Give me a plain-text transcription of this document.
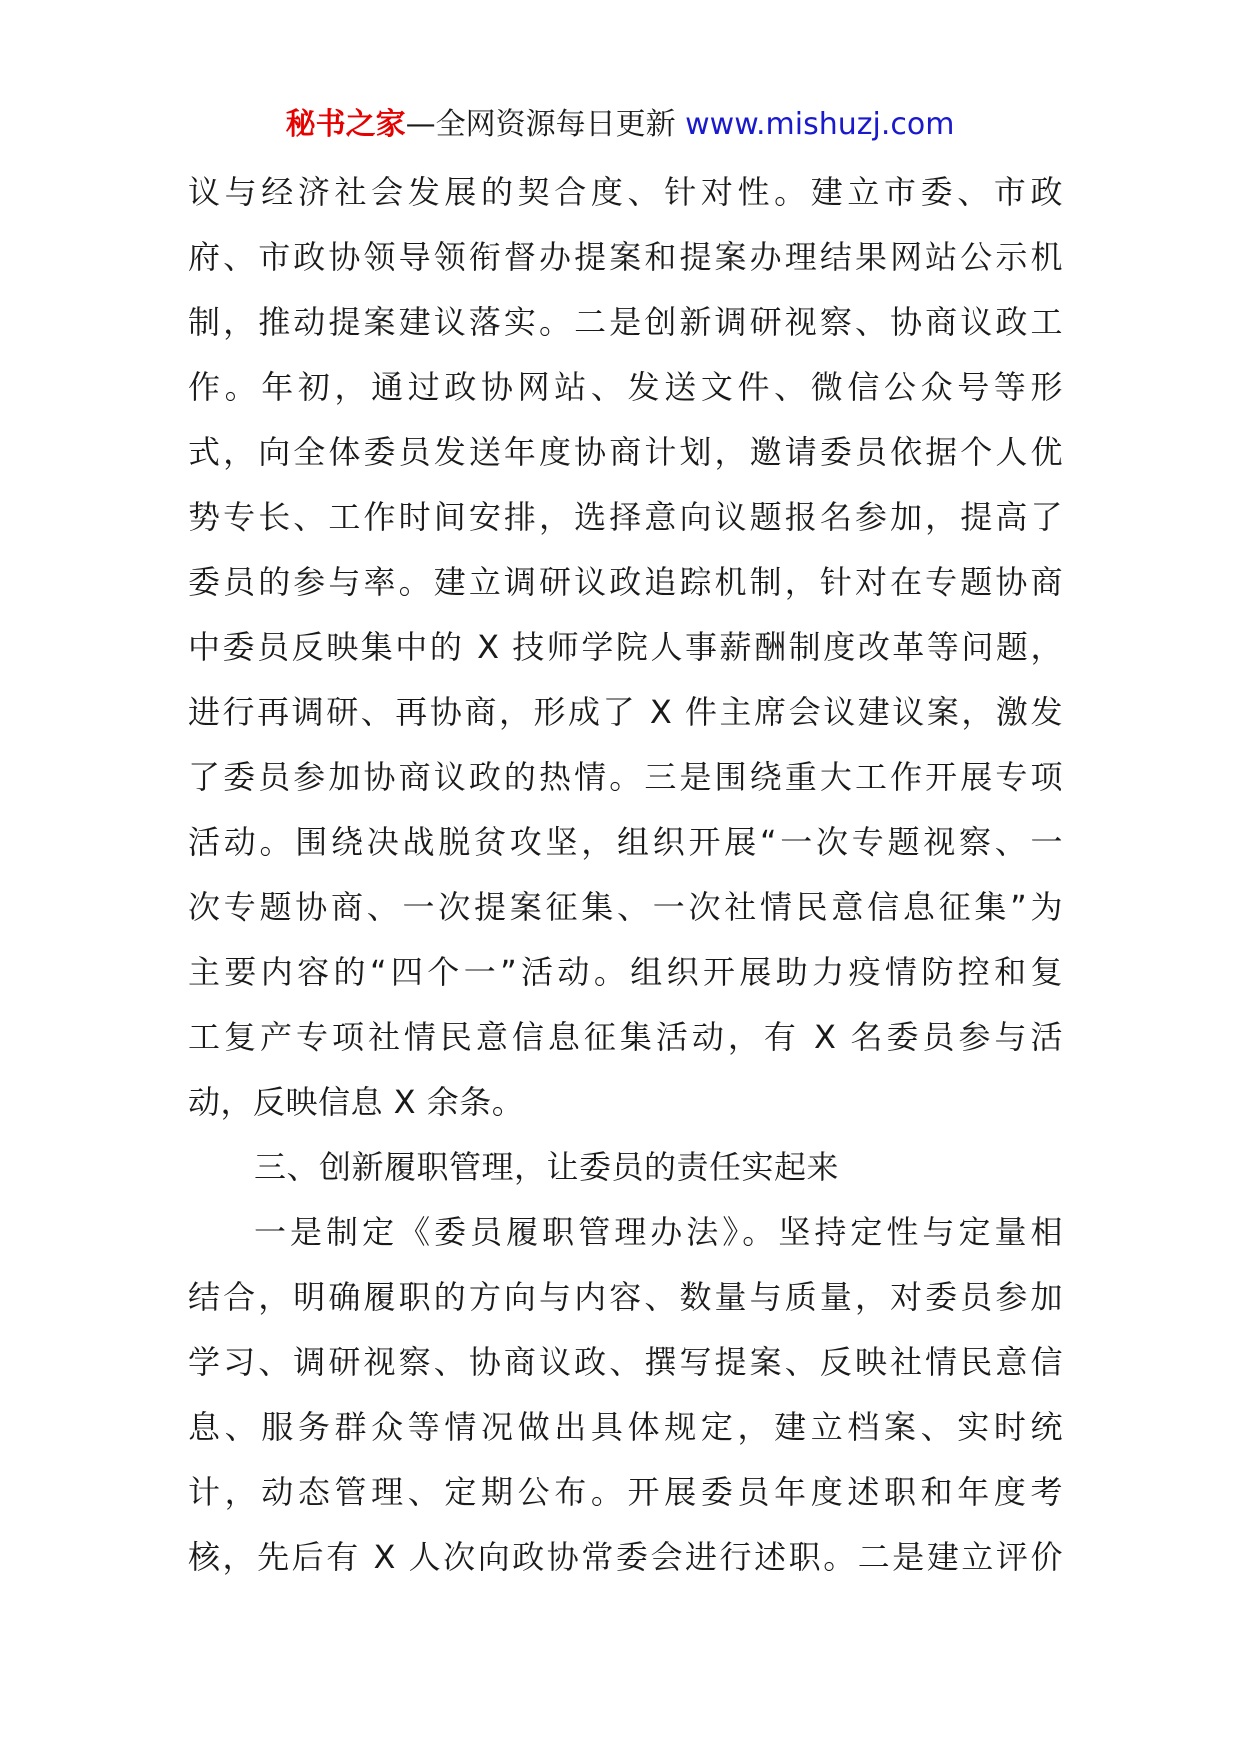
秘书之家—全网资源每日更新 www.mishuzj.com
议与经济社会发展的契合度、针对性。建立市委、市政
府、市政协领导领衔督办提案和提案办理结果网站公示机
制，推动提案建议落实。二是创新调研视察、协商议政工
作。年初，通过政协网站、发送文件、微信公众号等形
式，向全体委员发送年度协商计划，邀请委员依据个人优
势专长、工作时间安排，选择意向议题报名参加，提高了
委员的参与率。建立调研议政追踪机制，针对在专题协商
中委员反映集中的 X 技师学院人事薪酬制度改革等问题，
进行再调研、再协商，形成了 X 件主席会议建议案，激发
了委员参加协商议政的热情。三是围绕重大工作开展专项
活动。围绕决战脱贫攻坚，组织开展“一次专题视察、一
次专题协商、一次提案征集、一次社情民意信息征集”为
主要内容的“四个一”活动。组织开展助力疫情防控和复
工复产专项社情民意信息征集活动，有 X 名委员参与活
动，反映信息 X 余条。
三、创新履职管理，让委员的责任实起来
一是制定《委员履职管理办法》。坚持定性与定量相
结合，明确履职的方向与内容、数量与质量，对委员参加
学习、调研视察、协商议政、撰写提案、反映社情民意信
息、服务群众等情况做出具体规定，建立档案、实时统
计，动态管理、定期公布。开展委员年度述职和年度考
核，先后有 X 人次向政协常委会进行述职。二是建立评价
